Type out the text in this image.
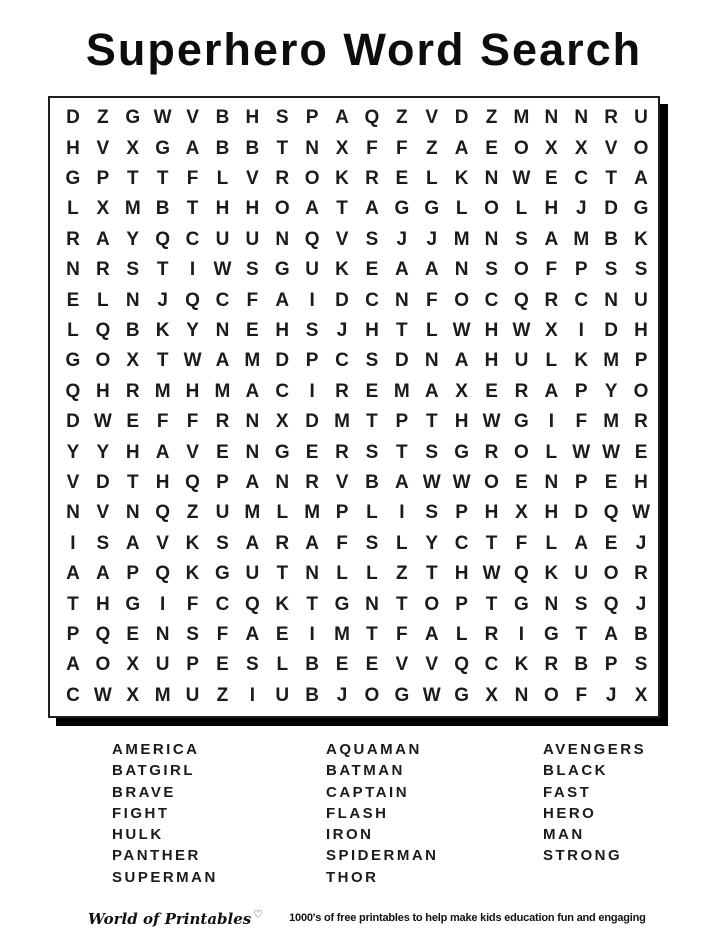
Superhero Word Search
D Z G W V B H S P A Q Z V D Z M N N R U
H V X G A B B T N X F F Z A E O X X V O
G P T T F L V R O K R E L K N W E C T A
L X M B T H H O A T A G G L O L H J D G
R A Y Q C U U N Q V S J	J M N S A M B K
N R S T	I W S G U K E A A N S O F P S S
E L N J Q C F A	I	D C N F O C Q R C N U
L Q B K Y N E H S J H T L W H W X	I	D H
G O X T W A M D P C S D N A H U L K M P
Q H R M H M A C	I	R E M A X E R A P Y O
D W E F F R N X D M T P T H W G	I	F M R
Y Y H A V E N G E R S T S G R O L W W E
V D T H Q P A N R V B A W W O E N P E H
N V N Q Z U M L M P L	I	S P H X H D Q W
I	S A V K S A R A F S L Y C T F L A E J
A A P Q K G U T N L L Z T H W Q K U O R
T H G	I	F C Q K T G N T O P T G N S Q J
P Q E N S F A E	I	M T F A L R	I	G T A B
A O X U P E S L B E E V V Q C K R B P S
C W X M U Z	I	U B J O G W G X N O F J X
AMERICA
BATGIRL
BRAVE
FIGHT
HULK
PANTHER
SUPERMAN
AQUAMAN
BATMAN
CAPTAIN
FLASH
IRON
SPIDERMAN
THOR
AVENGERS
BLACK
FAST
HERO
MAN
STRONG
World of Printables ♡ 1000's of free printables to help make kids education fun and engaging
